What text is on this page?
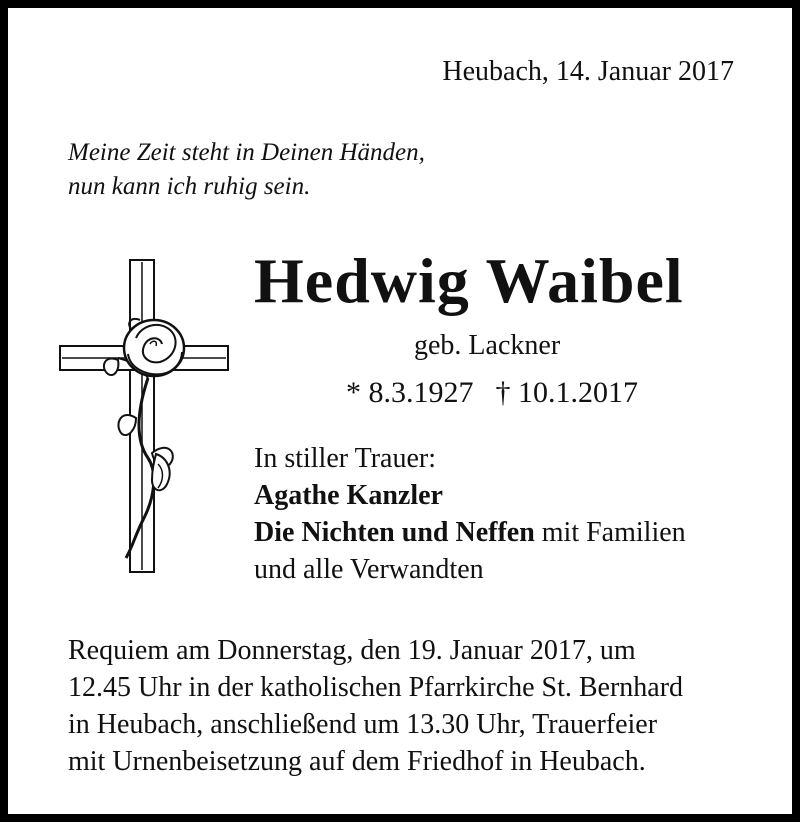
Heubach, 14. Januar 2017
Meine Zeit steht in Deinen Händen,
nun kann ich ruhig sein.
Hedwig Waibel
geb. Lackner
* 8.3.1927 † 10.1.2017
In stiller Trauer:
Agathe Kanzler
Die Nichten und Neffen mit Familien
und alle Verwandten
Requiem am Donnerstag, den 19. Januar 2017, um
12.45 Uhr in der katholischen Pfarrkirche St. Bernhard
in Heubach, anschließend um 13.30 Uhr, Trauerfeier
mit Urnenbeisetzung auf dem Friedhof in Heubach.
